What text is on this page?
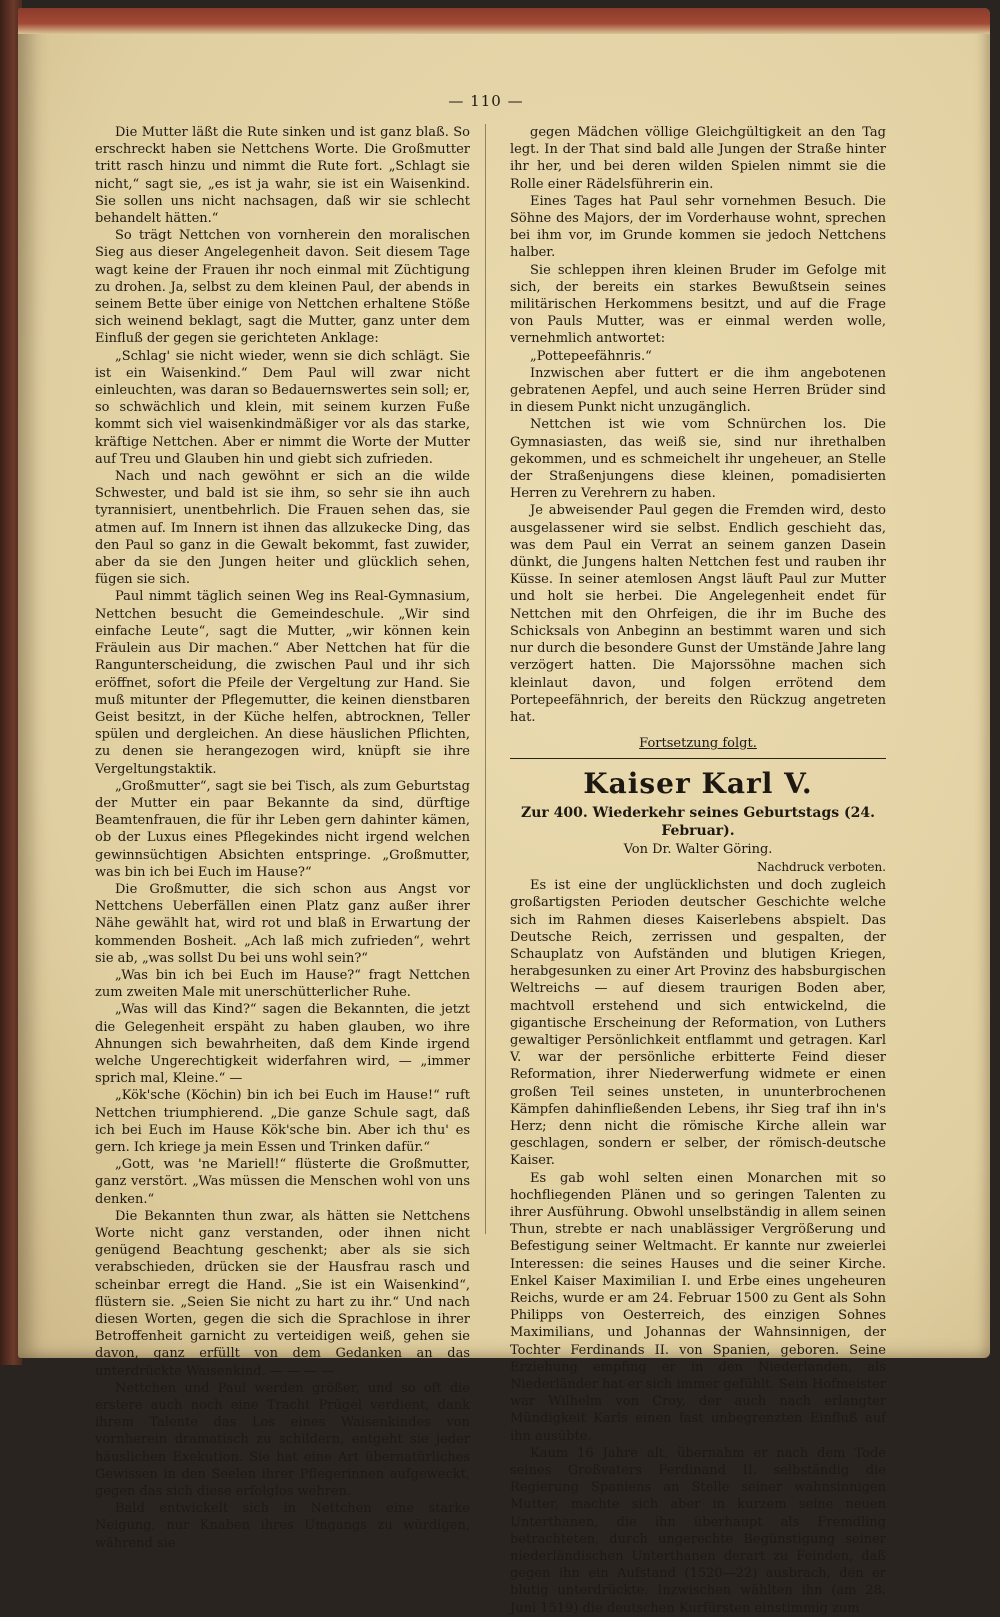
— 110 —

Die Mutter läßt die Rute sinken und ist ganz blaß. So erschreckt haben sie Nettchens Worte. Die Großmutter tritt rasch hinzu und nimmt die Rute fort. „Schlagt sie nicht,“ sagt sie, „es ist ja wahr, sie ist ein Waisenkind. Sie sollen uns nicht nachsagen, daß wir sie schlecht behandelt hätten.“

So trägt Nettchen von vornherein den moralischen Sieg aus dieser Angelegenheit davon. Seit diesem Tage wagt keine der Frauen ihr noch einmal mit Züchtigung zu drohen. Ja, selbst zu dem kleinen Paul, der abends in seinem Bette über einige von Nettchen erhaltene Stöße sich weinend beklagt, sagt die Mutter, ganz unter dem Einfluß der gegen sie gerichteten Anklage:

„Schlag' sie nicht wieder, wenn sie dich schlägt. Sie ist ein Waisenkind.“ Dem Paul will zwar nicht einleuchten, was daran so Bedauernswertes sein soll; er, so schwächlich und klein, mit seinem kurzen Fuße kommt sich viel waisenkindmäßiger vor als das starke, kräftige Nettchen. Aber er nimmt die Worte der Mutter auf Treu und Glauben hin und giebt sich zufrieden.

Nach und nach gewöhnt er sich an die wilde Schwester, und bald ist sie ihm, so sehr sie ihn auch tyrannisiert, unentbehrlich. Die Frauen sehen das, sie atmen auf. Im Innern ist ihnen das allzukecke Ding, das den Paul so ganz in die Gewalt bekommt, fast zuwider, aber da sie den Jungen heiter und glücklich sehen, fügen sie sich.

Paul nimmt täglich seinen Weg ins Real-Gymnasium, Nettchen besucht die Gemeindeschule. „Wir sind einfache Leute“, sagt die Mutter, „wir können kein Fräulein aus Dir machen.“ Aber Nettchen hat für die Rangunterscheidung, die zwischen Paul und ihr sich eröffnet, sofort die Pfeile der Vergeltung zur Hand. Sie muß mitunter der Pflegemutter, die keinen dienstbaren Geist besitzt, in der Küche helfen, abtrocknen, Teller spülen und dergleichen. An diese häuslichen Pflichten, zu denen sie herangezogen wird, knüpft sie ihre Vergeltungstaktik.

„Großmutter“, sagt sie bei Tisch, als zum Geburtstag der Mutter ein paar Bekannte da sind, dürftige Beamtenfrauen, die für ihr Leben gern dahinter kämen, ob der Luxus eines Pflegekindes nicht irgend welchen gewinnsüchtigen Absichten entspringe. „Großmutter, was bin ich bei Euch im Hause?“

Die Großmutter, die sich schon aus Angst vor Nettchens Ueberfällen einen Platz ganz außer ihrer Nähe gewählt hat, wird rot und blaß in Erwartung der kommenden Bosheit. „Ach laß mich zufrieden“, wehrt sie ab, „was sollst Du bei uns wohl sein?“

„Was bin ich bei Euch im Hause?“ fragt Nettchen zum zweiten Male mit unerschütterlicher Ruhe.

„Was will das Kind?“ sagen die Bekannten, die jetzt die Gelegenheit erspäht zu haben glauben, wo ihre Ahnungen sich bewahrheiten, daß dem Kinde irgend welche Ungerechtigkeit widerfahren wird, — „immer sprich mal, Kleine.“ —

„Kök'sche (Köchin) bin ich bei Euch im Hause!“ ruft Nettchen triumphierend. „Die ganze Schule sagt, daß ich bei Euch im Hause Kök'sche bin. Aber ich thu' es gern. Ich kriege ja mein Essen und Trinken dafür.“

„Gott, was 'ne Mariell!“ flüsterte die Großmutter, ganz verstört. „Was müssen die Menschen wohl von uns denken.“

Die Bekannten thun zwar, als hätten sie Nettchens Worte nicht ganz verstanden, oder ihnen nicht genügend Beachtung geschenkt; aber als sie sich verabschieden, drücken sie der Hausfrau rasch und scheinbar erregt die Hand. „Sie ist ein Waisenkind“, flüstern sie. „Seien Sie nicht zu hart zu ihr.“ Und nach diesen Worten, gegen die sich die Sprachlose in ihrer Betroffenheit garnicht zu verteidigen weiß, gehen sie davon, ganz erfüllt von dem Gedanken an das unterdrückte Waisenkind. — — — —

Nettchen und Paul werden größer, und so oft die erstere auch noch eine Tracht Prügel verdient, dank ihrem Talente das Los eines Waisenkindes von vornherein dramatisch zu schildern, entgeht sie jeder häuslichen Exekution. Sie hat eine Art übernatürliches Gewissen in den Seelen ihrer Pflegerinnen aufgeweckt, gegen das sich diese erfolglos wehren.

Bald entwickelt sich in Nettchen eine starke Neigung, nur Knaben ihres Umgangs zu würdigen, während sie

gegen Mädchen völlige Gleichgültigkeit an den Tag legt. In der That sind bald alle Jungen der Straße hinter ihr her, und bei deren wilden Spielen nimmt sie die Rolle einer Rädelsführerin ein.

Eines Tages hat Paul sehr vornehmen Besuch. Die Söhne des Majors, der im Vorderhause wohnt, sprechen bei ihm vor, im Grunde kommen sie jedoch Nettchens halber.

Sie schleppen ihren kleinen Bruder im Gefolge mit sich, der bereits ein starkes Bewußtsein seines militärischen Herkommens besitzt, und auf die Frage von Pauls Mutter, was er einmal werden wolle, vernehmlich antwortet:

„Pottepeefähnris.“

Inzwischen aber futtert er die ihm angebotenen gebratenen Aepfel, und auch seine Herren Brüder sind in diesem Punkt nicht unzugänglich.

Nettchen ist wie vom Schnürchen los. Die Gymnasiasten, das weiß sie, sind nur ihrethalben gekommen, und es schmeichelt ihr ungeheuer, an Stelle der Straßenjungens diese kleinen, pomadisierten Herren zu Verehrern zu haben.

Je abweisender Paul gegen die Fremden wird, desto ausgelassener wird sie selbst. Endlich geschieht das, was dem Paul ein Verrat an seinem ganzen Dasein dünkt, die Jungens halten Nettchen fest und rauben ihr Küsse. In seiner atemlosen Angst läuft Paul zur Mutter und holt sie herbei. Die Angelegenheit endet für Nettchen mit den Ohrfeigen, die ihr im Buche des Schicksals von Anbeginn an bestimmt waren und sich nur durch die besondere Gunst der Umstände Jahre lang verzögert hatten. Die Majorssöhne machen sich kleinlaut davon, und folgen errötend dem Portepeefähnrich, der bereits den Rückzug angetreten hat.

Fortsetzung folgt.

Kaiser Karl V.
Zur 400. Wiederkehr seines Geburtstags (24. Februar).
Von Dr. Walter Göring.
Nachdruck verboten.

Es ist eine der unglücklichsten und doch zugleich großartigsten Perioden deutscher Geschichte welche sich im Rahmen dieses Kaiserlebens abspielt. Das Deutsche Reich, zerrissen und gespalten, der Schauplatz von Aufständen und blutigen Kriegen, herabgesunken zu einer Art Provinz des habsburgischen Weltreichs — auf diesem traurigen Boden aber, machtvoll erstehend und sich entwickelnd, die gigantische Erscheinung der Reformation, von Luthers gewaltiger Persönlichkeit entflammt und getragen. Karl V. war der persönliche erbitterte Feind dieser Reformation, ihrer Niederwerfung widmete er einen großen Teil seines unsteten, in ununterbrochenen Kämpfen dahinfließenden Lebens, ihr Sieg traf ihn in's Herz; denn nicht die römische Kirche allein war geschlagen, sondern er selber, der römisch-deutsche Kaiser.

Es gab wohl selten einen Monarchen mit so hochfliegenden Plänen und so geringen Talenten zu ihrer Ausführung. Obwohl unselbständig in allem seinen Thun, strebte er nach unablässiger Vergrößerung und Befestigung seiner Weltmacht. Er kannte nur zweierlei Interessen: die seines Hauses und die seiner Kirche. Enkel Kaiser Maximilian I. und Erbe eines ungeheuren Reichs, wurde er am 24. Februar 1500 zu Gent als Sohn Philipps von Oesterreich, des einzigen Sohnes Maximilians, und Johannas der Wahnsinnigen, der Tochter Ferdinands II. von Spanien, geboren. Seine Erziehung empfing er in den Niederlanden, als Niederländer hat er sich immer gefühlt. Sein Hofmeister war Wilhelm von Croy, der auch nach erlangter Mündigkeit Karls einen fast unbegrenzten Einfluß auf ihn ausübte.

Kaum 16 Jahre alt, übernahm er nach dem Tode seines Großvaters Ferdinand II. selbständig die Regierung Spaniens an Stelle seiner wahnsinnigen Mutter, machte sich aber in kurzem seine neuen Unterthanen, die ihn überhaupt als Fremdling betrachteten, durch ungerechte Begünstigung seiner niederländischen Unterthanen derart zu Feinden, daß gegen ihn ein Aufstand (1520—22) ausbrach, den er blutig unterdrückte. Inzwischen wählten ihn (am 28. Juni 1519) die deutschen Kurfürsten einstimmig zum
